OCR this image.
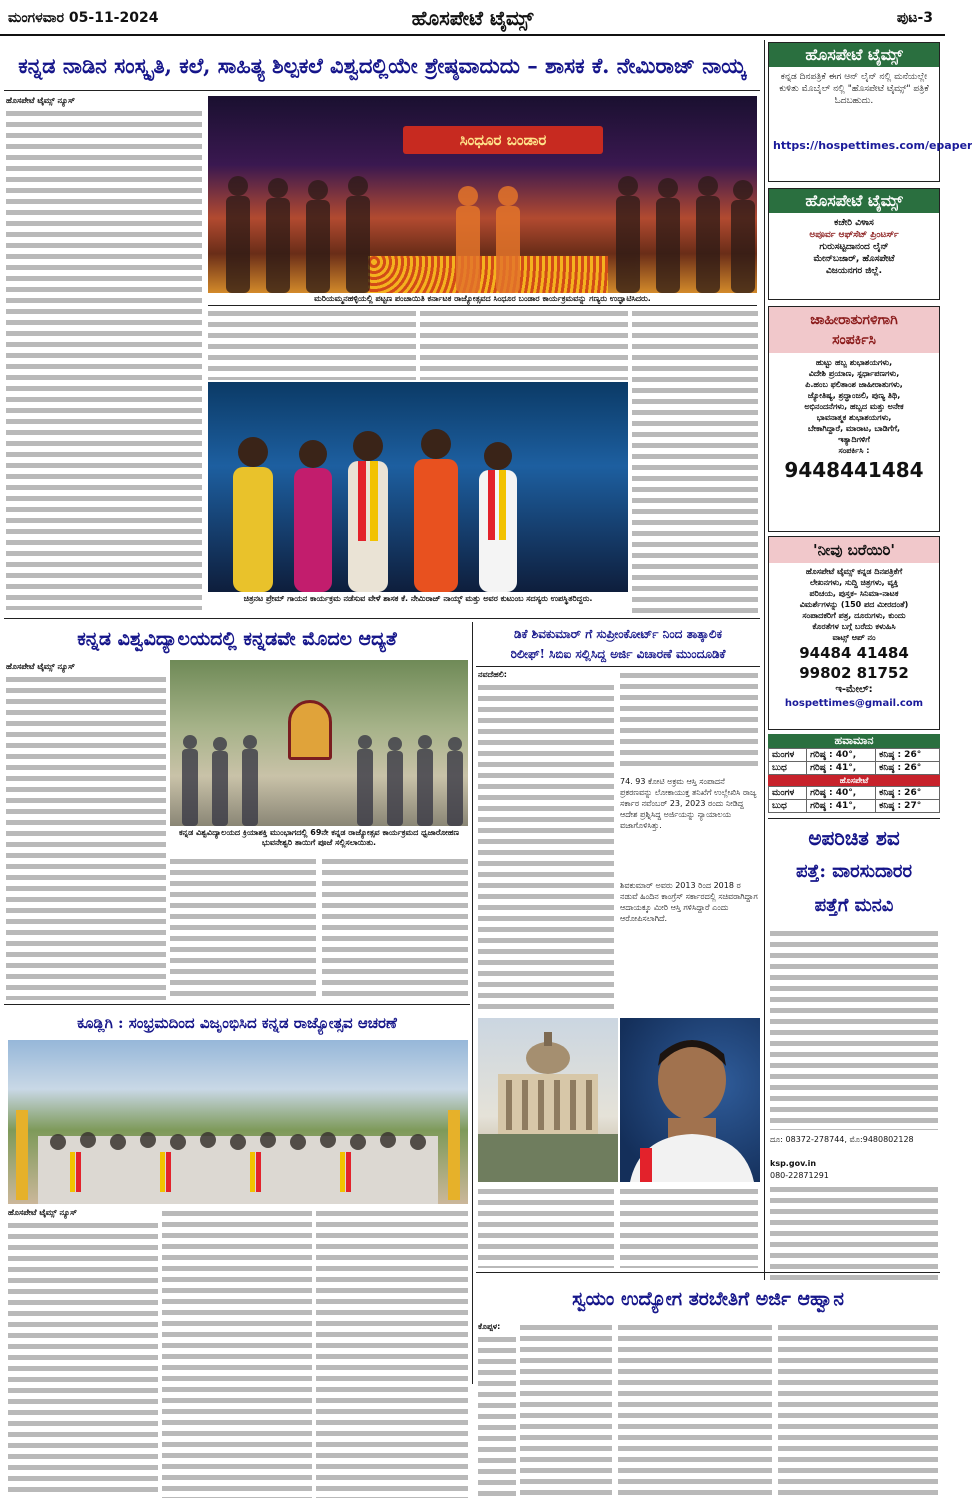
ಮಂಗಳವಾರ 05-11-2024	ಹೊಸಪೇಟೆ ಟೈಮ್ಸ್	ಪುಟ-3
ಕನ್ನಡ ನಾಡಿನ ಸಂಸ್ಕೃತಿ, ಕಲೆ, ಸಾಹಿತ್ಯ ಶಿಲ್ಪಕಲೆ ವಿಶ್ವದಲ್ಲಿಯೇ ಶ್ರೇಷ್ಠವಾದುದು – ಶಾಸಕ ಕೆ. ನೇಮಿರಾಜ್ ನಾಯ್ಕ
ಹೊಸಪೇಟೆ ಟೈಮ್ಸ್ ನ್ಯೂಸ್
ಸಿಂಧೂರ ಬಂಡಾರ
ಮರಿಯಮ್ಮನಹಳ್ಳಿಯಲ್ಲಿ ಪಟ್ಟಣ ಪಂಚಾಯಿತಿ ಕರ್ನಾಟಕ ರಾಜ್ಯೋತ್ಸವದ ಸಿಂಧೂರ ಬಂಡಾರ ಕಾರ್ಯಕ್ರಮವನ್ನು ಗಣ್ಯರು ಉದ್ಘಾಟಿಸಿದರು.
ಚಿತ್ರನಟ ಪ್ರೇಮ್ ಗಾಯನ ಕಾರ್ಯಕ್ರಮ ನಡೆಸುವ ವೇಳೆ ಶಾಸಕ ಕೆ. ನೇಮಿರಾಜ್ ನಾಯ್ಕ್ ಮತ್ತು ಅವರ ಕುಟುಂಬ ಸದಸ್ಯರು ಉಪಸ್ಥಿತರಿದ್ದರು.
ಕನ್ನಡ ವಿಶ್ವವಿದ್ಯಾಲಯದಲ್ಲಿ ಕನ್ನಡವೇ ಮೊದಲ ಆದ್ಯತೆ
ಹೊಸಪೇಟೆ ಟೈಮ್ಸ್ ನ್ಯೂಸ್
ಕನ್ನಡ ವಿಶ್ವವಿದ್ಯಾಲಯದ ಕ್ರಿಯಾಶಕ್ತಿ ಮುಂಭಾಗದಲ್ಲಿ 69ನೇ ಕನ್ನಡ ರಾಜ್ಯೋತ್ಸವ ಕಾರ್ಯಕ್ರಮದ ಧ್ವಜಾರೋಹಣ ಭುವನೇಶ್ವರಿ ತಾಯಿಗೆ ಪೂಜೆ ಸಲ್ಲಿಸಲಾಯಿತು.
ಡಿಕೆ ಶಿವಕುಮಾರ್ ಗೆ ಸುಪ್ರೀಂಕೋರ್ಟ್ ನಿಂದ ತಾತ್ಕಾಲಿಕ
ರಿಲೀಫ್! ಸಿಬಿಐ ಸಲ್ಲಿಸಿದ್ದ ಅರ್ಜಿ ವಿಚಾರಣೆ ಮುಂದೂಡಿಕೆ
ನವದೆಹಲಿ:
74. 93 ಕೋಟಿ ಅಕ್ರಮ ಆಸ್ತಿ ಸಂಪಾದನೆ ಪ್ರಕರಣವನ್ನು ಲೋಕಾಯುಕ್ತ ತನಿಖೆಗೆ ಉಲ್ಲೇಖಿಸಿ ರಾಜ್ಯ ಸರ್ಕಾರ ನವೆಂಬರ್ 23, 2023 ರಂದು ನೀಡಿದ್ದ ಆದೇಶ ಪ್ರಶ್ನಿಸಿದ್ದ ಅರ್ಜಿಯನ್ನು ನ್ಯಾಯಾಲಯ ವಜಾಗೊಳಿಸಿತ್ತು.
ಶಿವಕುಮಾರ್ ಅವರು 2013 ರಿಂದ 2018 ರ ನಡುವೆ ಹಿಂದಿನ ಕಾಂಗ್ರೆಸ್ ಸರ್ಕಾರದಲ್ಲಿ ಸಚಿವರಾಗಿದ್ದಾಗ ಆದಾಯಕ್ಕೂ ಮೀರಿ ಆಸ್ತಿ ಗಳಿಸಿದ್ದಾರೆ ಎಂದು ಆರೋಪಿಸಲಾಗಿದೆ.
ಕೂಡ್ಲಿಗಿ : ಸಂಭ್ರಮದಿಂದ ವಿಜೃಂಭಿಸಿದ ಕನ್ನಡ ರಾಜ್ಯೋತ್ಸವ ಆಚರಣೆ
ಹೊಸಪೇಟೆ ಟೈಮ್ಸ್ ನ್ಯೂಸ್
ಹೊಸಪೇಟೆ ಟೈಮ್ಸ್
ಕನ್ನಡ ದಿನಪತ್ರಿಕೆ ಈಗ ಆನ್ ಲೈನ್ ನಲ್ಲಿ ಮನೆಯಲ್ಲೇ ಕುಳಿತು ಮೊಬೈಲ್ ನಲ್ಲಿ "ಹೊಸಪೇಟೆ ಟೈಮ್ಸ್" ಪತ್ರಿಕೆ ಓದಬಹುದು.
https://hospettimes.com/epaper
ಹೊಸಪೇಟೆ ಟೈಮ್ಸ್
ಕಚೇರಿ ವಿಳಾಸ
ಅಪೂರ್ವ ಆಫ್‌ಸೆಟ್ ಪ್ರಿಂಟರ್ಸ್
ಗುರುಸಟ್ಟದಾನಂದ ಲೈನ್
ಮೇನ್‌ಬಜಾರ್, ಹೊಸಪೇಟೆ
ವಿಜಯನಗರ ಜಿಲ್ಲೆ.
ಜಾಹೀರಾತುಗಳಿಗಾಗಿ
ಸಂಪರ್ಕಿಸಿ
ಹುಟ್ಟು ಹಬ್ಬ ಶುಭಾಶಯಗಳು,
ವಿದೇಶಿ ಪ್ರಯಾಣ, ಸ್ಪರ್ಧಾಪಣಗಳು,
ಪಿ.ಹಂಬ ಫಲಿತಾಂಶ ಜಾಹೀರಾತುಗಳು,
ಜ್ಯೋತಿಷ್ಯ, ಶ್ರದ್ಧಾಂಜಲಿ, ಪುಣ್ಯ ತಿಥಿ,
ಅಭಿನಂದನೆಗಳು, ಹಬ್ಬದ ಮತ್ತು ಅನೇಕ
ಭಾವನಾತ್ಮಕ ಶುಭಾಶಯಗಳು,
ಬೇಕಾಗಿದ್ದಾರೆ, ಮಾರಾಟ, ಬಾಡಿಗೆಗೆ,
ಇತ್ಯಾದಿಗಳಿಗೆ
ಸಂಪರ್ಕಿಸಿ :
9448441484
'ನೀವು ಬರೆಯಿರಿ'
ಹೊಸಪೇಟೆ ಟೈಮ್ಸ್ ಕನ್ನಡ ದಿನಪತ್ರಿಕೆಗೆ
ಲೇಖನಗಳು, ಸುದ್ದಿ ಚಿತ್ರಗಳು, ವ್ಯಕ್ತಿ
ಪರಿಚಯ, ಪುಸ್ತಕ- ಸಿನಿಮಾ-ನಾಟಕ
ವಿಮರ್ಶೆಗಳನ್ನು (150 ಪದ ಮೀರದಂತೆ)
ಸಂಪಾದಕರಿಗೆ ಪತ್ರ, ದೂರುಗಳು, ಕುಂದು
ಕೊರತೆಗಳ ಬಗ್ಗೆ ಬರೆದು ಕಳುಹಿಸಿ
ವಾಟ್ಸ್ ಆಪ್ ನಂ
94484 41484
99802 81752
ಇ-ಮೇಲ್: hospettimes@gmail.com
ಹವಾಮಾನ
ಮಂಗಳ	ಗರಿಷ್ಠ : 40°,	ಕನಿಷ್ಠ : 26°
ಬುಧ	ಗರಿಷ್ಠ : 41°,	ಕನಿಷ್ಠ : 26°
ಹೊಸಪೇಟೆ
ಮಂಗಳ	ಗರಿಷ್ಠ : 40°,	ಕನಿಷ್ಠ : 26°
ಬುಧ	ಗರಿಷ್ಠ : 41°,	ಕನಿಷ್ಠ : 27°
ಅಪರಿಚಿತ ಶವ
ಪತ್ತೆ: ವಾರಸುದಾರರ
ಪತ್ತೆಗೆ ಮನವಿ
ದೂ: 08372-278744, ಮೊ:9480802128
ksp.gov.in
080-22871291
ಸ್ವಯಂ ಉದ್ಯೋಗ ತರಬೇತಿಗೆ ಅರ್ಜಿ ಆಹ್ವಾನ
ಕೊಪ್ಪಳ:
